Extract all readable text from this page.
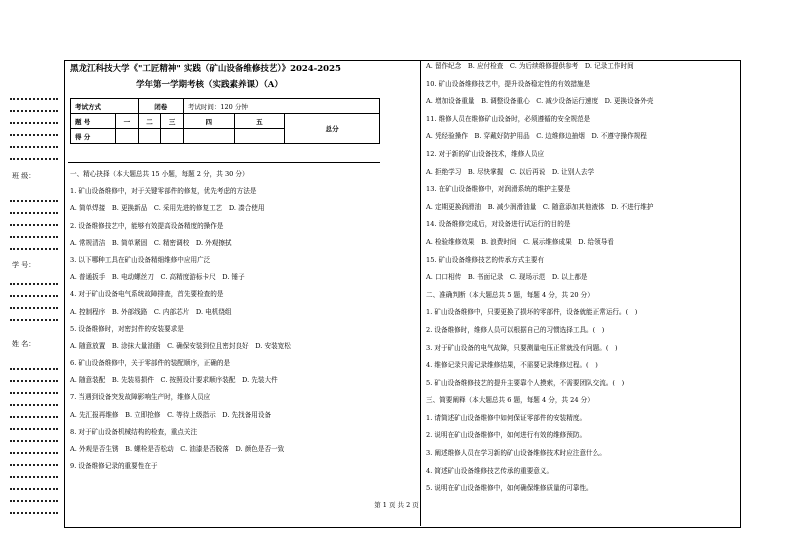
班 级：
学 号：
姓 名：
黑龙江科技大学《"工匠精神" 实践（矿山设备维修技艺）》2024-2025
学年第一学期考核（实践素养课）（A）
考试方式		闭卷		考试时间：120 分钟		
题 号	一	二	三	四	五	总分
得 分						
一、精心抉择（本大题总共 15 小题，每题 2 分，共 30 分）
1. 矿山设备维修中，对于关键零部件的修复，优先考虑的方法是
A. 简单焊接　B. 更换新品　C. 采用先进的修复工艺　D. 凑合使用
2. 设备维修技艺中，能够有效提高设备精度的操作是
A. 常规清洁　B. 简单紧固　C. 精密调校　D. 外观擦拭
3. 以下哪种工具在矿山设备精细维修中应用广泛
A. 普通扳手　B. 电动螺丝刀　C. 高精度游标卡尺　D. 锤子
4. 对于矿山设备电气系统故障排查，首先要检查的是
A. 控制程序　B. 外部线路　C. 内部芯片　D. 电机绕组
5. 设备维修时，对密封件的安装要求是
A. 随意放置　B. 涂抹大量油脂　C. 确保安装到位且密封良好　D. 安装宽松
6. 矿山设备维修中，关于零部件的装配顺序，正确的是
A. 随意装配　B. 先装易损件　C. 按照设计要求顺序装配　D. 先装大件
7. 当遇到设备突发故障影响生产时，维修人员应
A. 先汇报再维修　B. 立即抢修　C. 等待上级指示　D. 先找备用设备
8. 对于矿山设备机械结构的检查，重点关注
A. 外观是否生锈　B. 螺栓是否松动　C. 油漆是否脱落　D. 颜色是否一致
9. 设备维修记录的重要性在于
A. 留作纪念　B. 应付检查　C. 为后续维修提供参考　D. 记录工作时间
10. 矿山设备维修技艺中，提升设备稳定性的有效措施是
A. 增加设备重量　B. 调整设备重心　C. 减少设备运行速度　D. 更换设备外壳
11. 维修人员在维修矿山设备时，必须遵循的安全规范是
A. 凭经验操作　B. 穿戴好防护用品　C. 边维修边抽烟　D. 不遵守操作规程
12. 对于新的矿山设备技术，维修人员应
A. 拒绝学习　B. 尽快掌握　C. 以后再说　D. 让别人去学
13. 在矿山设备维修中，对润滑系统的维护主要是
A. 定期更换润滑油　B. 减少润滑油量　C. 随意添加其他液体　D. 不进行维护
14. 设备维修完成后，对设备进行试运行的目的是
A. 检验维修效果　B. 浪费时间　C. 展示维修成果　D. 给领导看
15. 矿山设备维修技艺的传承方式主要有
A. 口口相传　B. 书面记录　C. 现场示范　D. 以上都是
二、准确判断（本大题总共 5 题，每题 4 分，共 20 分）
1. 矿山设备维修中，只要更换了损坏的零部件，设备就能正常运行。(　)
2. 设备维修时，维修人员可以根据自己的习惯选择工具。(　)
3. 对于矿山设备的电气故障，只要测量电压正常就没有问题。(　)
4. 维修记录只需记录维修结果，不需要记录维修过程。(　)
5. 矿山设备维修技艺的提升主要靠个人摸索，不需要团队交流。(　)
三、简要阐释（本大题总共 6 题，每题 4 分，共 24 分）
1. 请简述矿山设备维修中如何保证零部件的安装精度。
2. 说明在矿山设备维修中，如何进行有效的维修预防。
3. 阐述维修人员在学习新的矿山设备维修技术时应注意什么。
4. 简述矿山设备维修技艺传承的重要意义。
5. 说明在矿山设备维修中，如何确保维修质量的可靠性。
第 1 页 共 2 页
